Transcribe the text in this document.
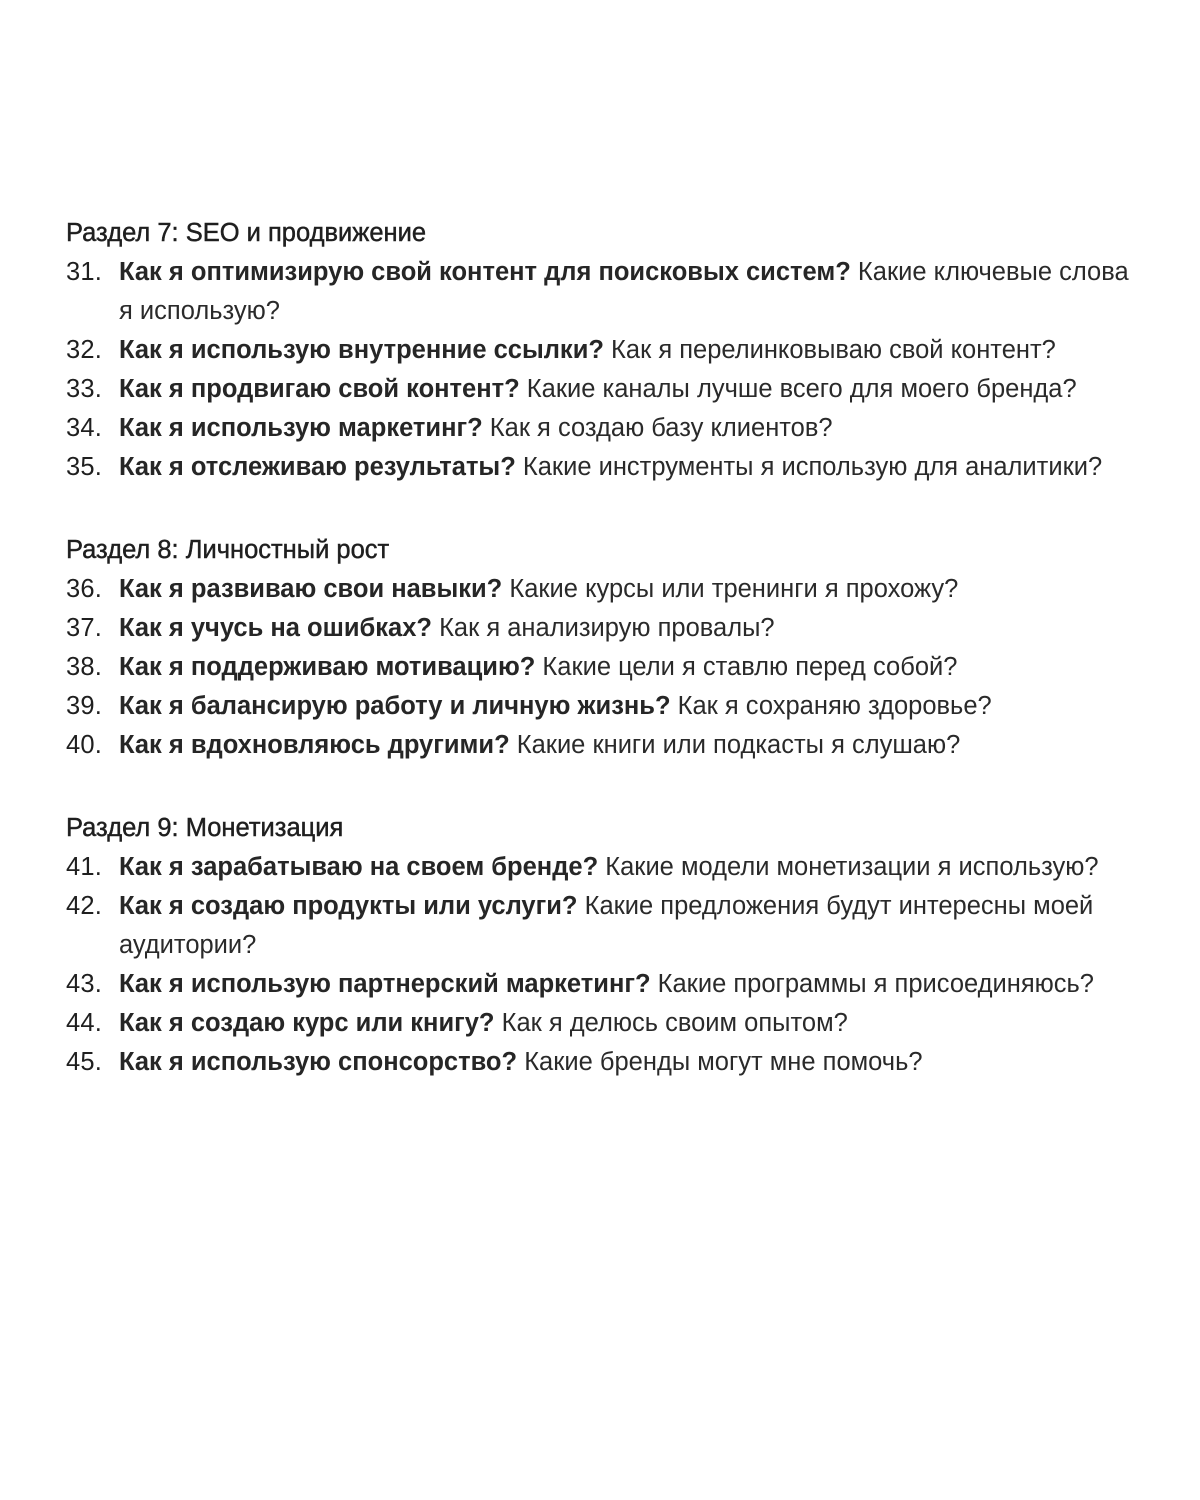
Раздел 7: SEO и продвижение
31. Как я оптимизирую свой контент для поисковых систем? Какие ключевые слова я использую?
32. Как я использую внутренние ссылки? Как я перелинковываю свой контент?
33. Как я продвигаю свой контент? Какие каналы лучше всего для моего бренда?
34. Как я использую маркетинг? Как я создаю базу клиентов?
35. Как я отслеживаю результаты? Какие инструменты я использую для аналитики?
Раздел 8: Личностный рост
36. Как я развиваю свои навыки? Какие курсы или тренинги я прохожу?
37. Как я учусь на ошибках? Как я анализирую провалы?
38. Как я поддерживаю мотивацию? Какие цели я ставлю перед собой?
39. Как я балансирую работу и личную жизнь? Как я сохраняю здоровье?
40. Как я вдохновляюсь другими? Какие книги или подкасты я слушаю?
Раздел 9: Монетизация
41. Как я зарабатываю на своем бренде? Какие модели монетизации я использую?
42. Как я создаю продукты или услуги? Какие предложения будут интересны моей аудитории?
43. Как я использую партнерский маркетинг? Какие программы я присоединяюсь?
44. Как я создаю курс или книгу? Как я делюсь своим опытом?
45. Как я использую спонсорство? Какие бренды могут мне помочь?
